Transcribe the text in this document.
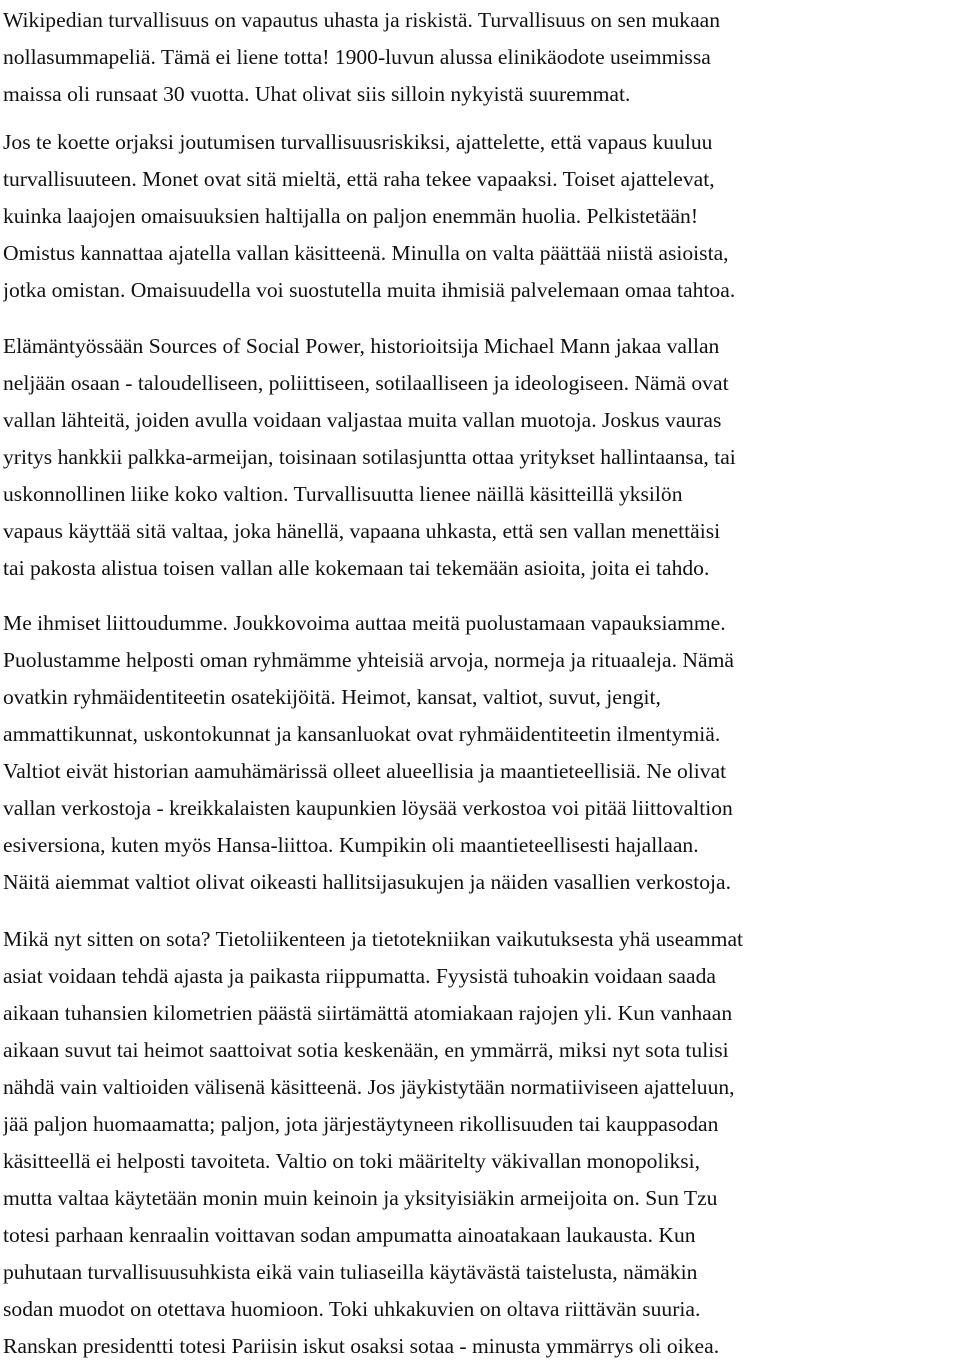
Wikipedian turvallisuus on vapautus uhasta ja riskistä. Turvallisuus on sen mukaan
nollasummapeliä. Tämä ei liene totta! 1900-luvun alussa elinikäodote useimmissa
maissa oli runsaat 30 vuotta. Uhat olivat siis silloin nykyistä suuremmat.
Jos te koette orjaksi joutumisen turvallisuusriskiksi, ajattelette, että vapaus kuuluu
turvallisuuteen. Monet ovat sitä mieltä, että raha tekee vapaaksi. Toiset ajattelevat,
kuinka laajojen omaisuuksien haltijalla on paljon enemmän huolia. Pelkistetään!
Omistus kannattaa ajatella vallan käsitteenä. Minulla on valta päättää niistä asioista,
jotka omistan. Omaisuudella voi suostutella muita ihmisiä palvelemaan omaa tahtoa.
Elämäntyössään Sources of Social Power, historioitsija Michael Mann jakaa vallan
neljään osaan - taloudelliseen, poliittiseen, sotilaalliseen ja ideologiseen. Nämä ovat
vallan lähteitä, joiden avulla voidaan valjastaa muita vallan muotoja. Joskus vauras
yritys hankkii palkka-armeijan, toisinaan sotilasjuntta ottaa yritykset hallintaansa, tai
uskonnollinen liike koko valtion. Turvallisuutta lienee näillä käsitteillä yksilön
vapaus käyttää sitä valtaa, joka hänellä, vapaana uhkasta, että sen vallan menettäisi
tai pakosta alistua toisen vallan alle kokemaan tai tekemään asioita, joita ei tahdo.
Me ihmiset liittoudumme. Joukkovoima auttaa meitä puolustamaan vapauksiamme.
Puolustamme helposti oman ryhmämme yhteisiä arvoja, normeja ja rituaaleja. Nämä
ovatkin ryhmäidentiteetin osatekijöitä. Heimot, kansat, valtiot, suvut, jengit,
ammattikunnat, uskontokunnat ja kansanluokat ovat ryhmäidentiteetin ilmentymiä.
Valtiot eivät historian aamuhämärissä olleet alueellisia ja maantieteellisiä. Ne olivat
vallan verkostoja - kreikkalaisten kaupunkien löysää verkostoa voi pitää liittovaltion
esiversiona, kuten myös Hansa-liittoa. Kumpikin oli maantieteellisesti hajallaan.
Näitä aiemmat valtiot olivat oikeasti hallitsijasukujen ja näiden vasallien verkostoja.
Mikä nyt sitten on sota? Tietoliikenteen ja tietotekniikan vaikutuksesta yhä useammat
asiat voidaan tehdä ajasta ja paikasta riippumatta. Fyysistä tuhoakin voidaan saada
aikaan tuhansien kilometrien päästä siirtämättä atomiakaan rajojen yli. Kun vanhaan
aikaan suvut tai heimot saattoivat sotia keskenään, en ymmärrä, miksi nyt sota tulisi
nähdä vain valtioiden välisenä käsitteenä. Jos jäykistytään normatiiviseen ajatteluun,
jää paljon huomaamatta; paljon, jota järjestäytyneen rikollisuuden tai kauppasodan
käsitteellä ei helposti tavoiteta. Valtio on toki määritelty väkivallan monopoliksi,
mutta valtaa käytetään monin muin keinoin ja yksityisiäkin armeijoita on. Sun Tzu
totesi parhaan kenraalin voittavan sodan ampumatta ainoatakaan laukausta. Kun
puhutaan turvallisuusuhkista eikä vain tuliaseilla käytävästä taistelusta, nämäkin
sodan muodot on otettava huomioon. Toki uhkakuvien on oltava riittävän suuria.
Ranskan presidentti totesi Pariisin iskut osaksi sotaa - minusta ymmärrys oli oikea.
